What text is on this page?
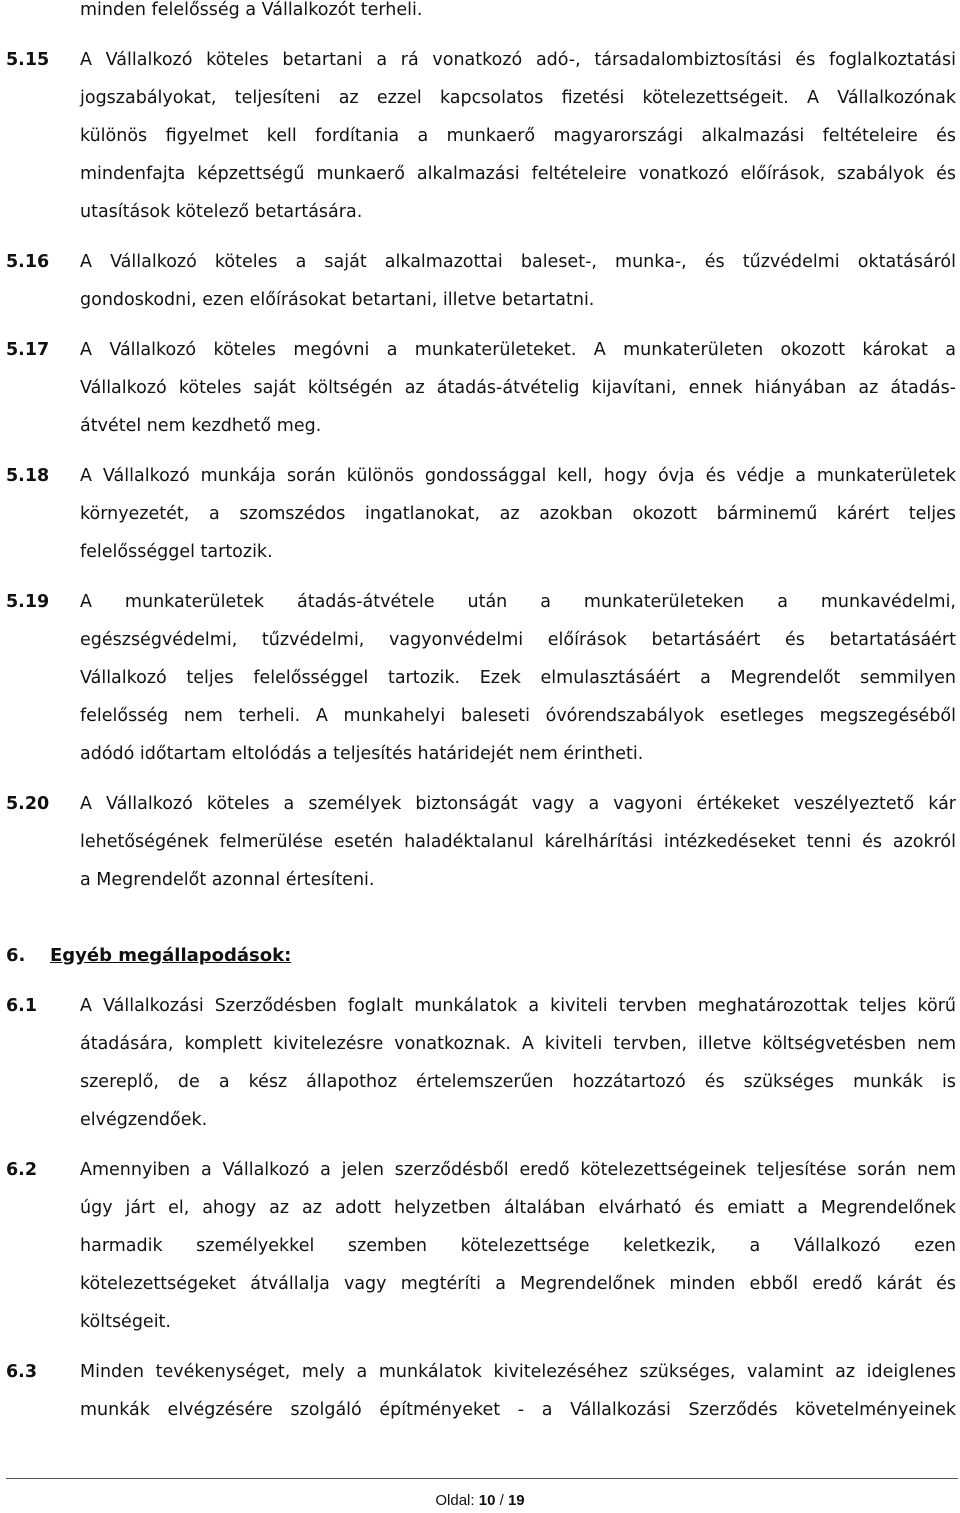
minden felelősség a Vállalkozót terheli.
5.15 A Vállalkozó köteles betartani a rá vonatkozó adó-, társadalombiztosítási és foglalkoztatási
jogszabályokat, teljesíteni az ezzel kapcsolatos fizetési kötelezettségeit. A Vállalkozónak
különös figyelmet kell fordítania a munkaerő magyarországi alkalmazási feltételeire és
mindenfajta képzettségű munkaerő alkalmazási feltételeire vonatkozó előírások, szabályok és
utasítások kötelező betartására.
5.16 A Vállalkozó köteles a saját alkalmazottai baleset-, munka-, és tűzvédelmi oktatásáról
gondoskodni, ezen előírásokat betartani, illetve betartatni.
5.17 A Vállalkozó köteles megóvni a munkaterületeket. A munkaterületen okozott károkat a
Vállalkozó köteles saját költségén az átadás-átvételig kijavítani, ennek hiányában az átadás-
átvétel nem kezdhető meg.
5.18 A Vállalkozó munkája során különös gondossággal kell, hogy óvja és védje a munkaterületek
környezetét, a szomszédos ingatlanokat, az azokban okozott bárminemű kárért teljes
felelősséggel tartozik.
5.19 A munkaterületek átadás-átvétele után a munkaterületeken a munkavédelmi,
egészségvédelmi, tűzvédelmi, vagyonvédelmi előírások betartásáért és betartatásáért
Vállalkozó teljes felelősséggel tartozik. Ezek elmulasztásáért a Megrendelőt semmilyen
felelősség nem terheli. A munkahelyi baleseti óvórendszabályok esetleges megszegéséből
adódó időtartam eltolódás a teljesítés határidejét nem érintheti.
5.20 A Vállalkozó köteles a személyek biztonságát vagy a vagyoni értékeket veszélyeztető kár
lehetőségének felmerülése esetén haladéktalanul kárelhárítási intézkedéseket tenni és azokról
a Megrendelőt azonnal értesíteni.
6. Egyéb megállapodások:
6.1 A Vállalkozási Szerződésben foglalt munkálatok a kiviteli tervben meghatározottak teljes körű
átadására, komplett kivitelezésre vonatkoznak. A kiviteli tervben, illetve költségvetésben nem
szereplő, de a kész állapothoz értelemszerűen hozzátartozó és szükséges munkák is
elvégzendőek.
6.2 Amennyiben a Vállalkozó a jelen szerződésből eredő kötelezettségeinek teljesítése során nem
úgy járt el, ahogy az az adott helyzetben általában elvárható és emiatt a Megrendelőnek
harmadik személyekkel szemben kötelezettsége keletkezik, a Vállalkozó ezen
kötelezettségeket átvállalja vagy megtéríti a Megrendelőnek minden ebből eredő kárát és
költségeit.
6.3 Minden tevékenységet, mely a munkálatok kivitelezéséhez szükséges, valamint az ideiglenes
munkák elvégzésére szolgáló építményeket - a Vállalkozási Szerződés követelményeinek
Oldal: 10 / 19
